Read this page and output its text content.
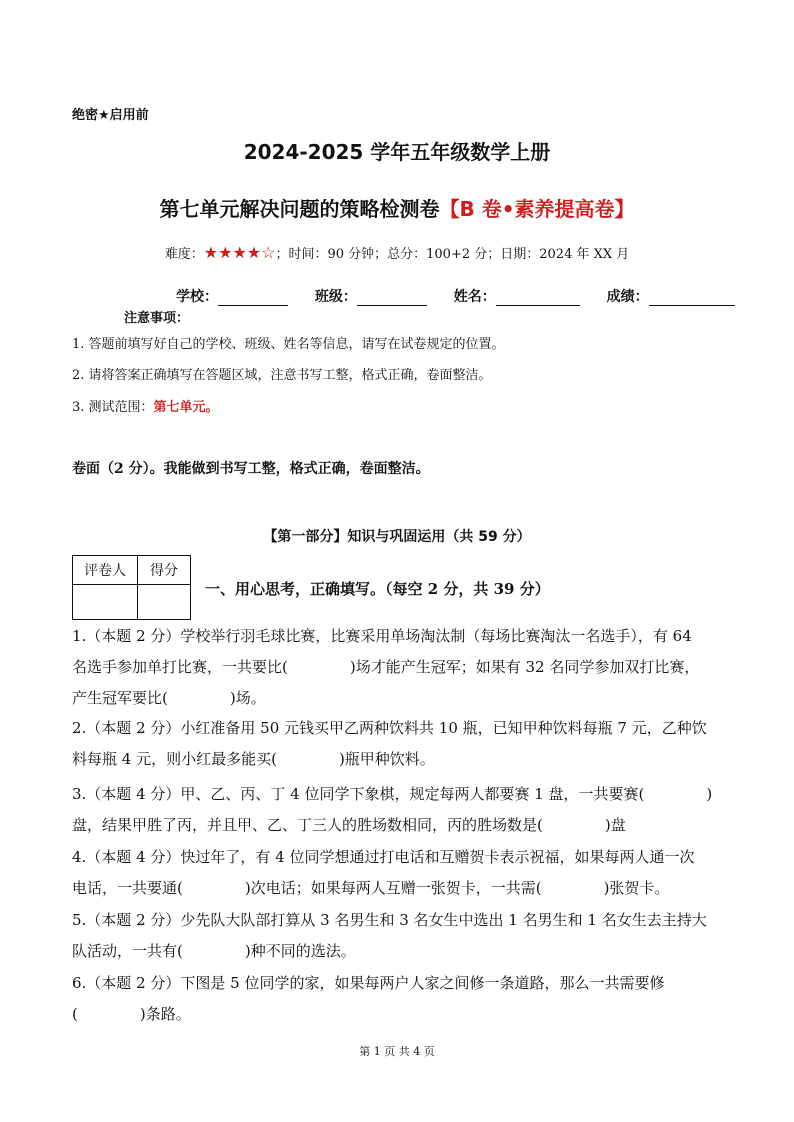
绝密★启用前
2024-2025 学年五年级数学上册
第七单元解决问题的策略检测卷【B 卷•素养提高卷】
难度：★★★★☆；时间：90 分钟；总分：100+2 分；日期：2024 年 XX 月
学校：	班级：	姓名：	成绩：
注意事项：
1. 答题前填写好自己的学校、班级、姓名等信息，请写在试卷规定的位置。
2. 请将答案正确填写在答题区域，注意书写工整，格式正确，卷面整洁。
3. 测试范围：第七单元。
卷面（2 分）。我能做到书写工整，格式正确，卷面整洁。
【第一部分】知识与巩固运用（共 59 分）
评卷人	得分

一、用心思考，正确填写。（每空 2 分，共 39 分）
1.（本题 2 分）学校举行羽毛球比赛，比赛采用单场淘汰制（每场比赛淘汰一名选手），有 64
名选手参加单打比赛，一共要比(	)场才能产生冠军；如果有 32 名同学参加双打比赛，
产生冠军要比(	)场。
2.（本题 2 分）小红准备用 50 元钱买甲乙两种饮料共 10 瓶，已知甲种饮料每瓶 7 元，乙种饮
料每瓶 4 元，则小红最多能买(	)瓶甲种饮料。
3.（本题 4 分）甲、乙、丙、丁 4 位同学下象棋，规定每两人都要赛 1 盘，一共要赛(	)
盘，结果甲胜了丙，并且甲、乙、丁三人的胜场数相同，丙的胜场数是(	)盘
4.（本题 4 分）快过年了，有 4 位同学想通过打电话和互赠贺卡表示祝福，如果每两人通一次
电话，一共要通(	)次电话；如果每两人互赠一张贺卡，一共需(	)张贺卡。
5.（本题 2 分）少先队大队部打算从 3 名男生和 3 名女生中选出 1 名男生和 1 名女生去主持大
队活动，一共有(	)种不同的选法。
6.（本题 2 分）下图是 5 位同学的家，如果每两户人家之间修一条道路，那么一共需要修
(	)条路。
第 1 页 共 4 页
